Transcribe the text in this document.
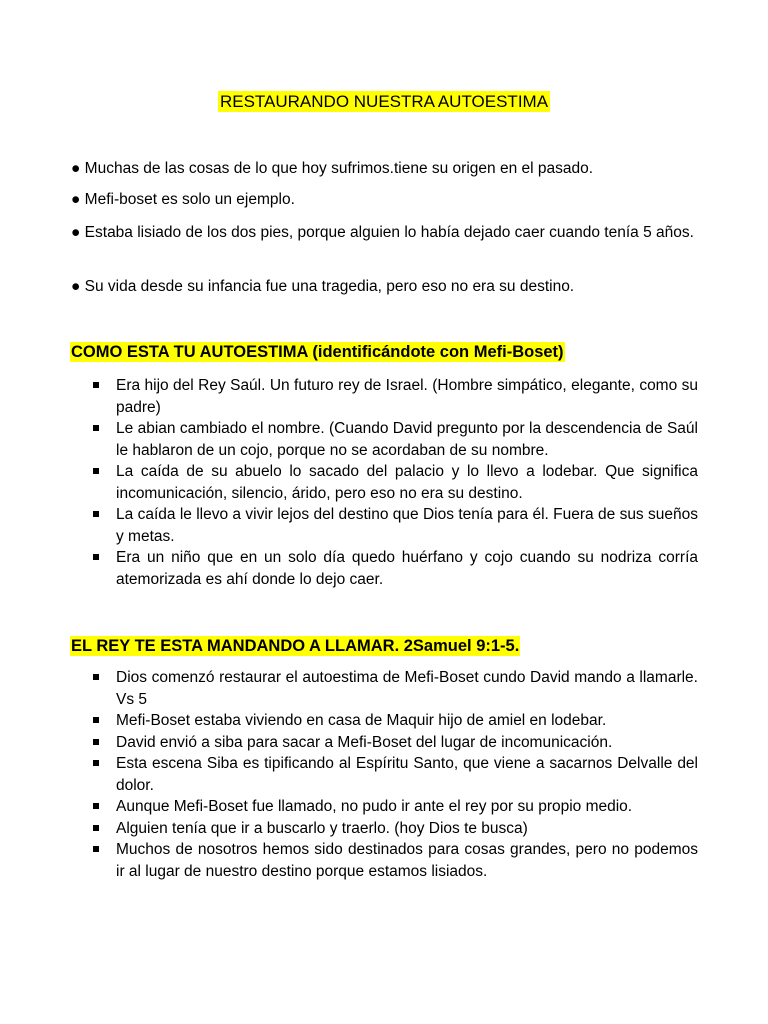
RESTAURANDO NUESTRA AUTOESTIMA

● Muchas de las cosas de lo que hoy sufrimos.tiene su origen en el pasado.

● Mefi-boset es solo un ejemplo.

● Estaba lisiado de los dos pies, porque alguien lo había dejado caer cuando tenía 5 años.

● Su vida desde su infancia fue una tragedia, pero eso no era su destino.

COMO ESTA TU AUTOESTIMA (identificándote con Mefi-Boset)
Era hijo del Rey Saúl. Un futuro rey de Israel. (Hombre simpático, elegante, como su padre)
Le abian cambiado el nombre. (Cuando David pregunto por la descendencia de Saúl le hablaron de un cojo, porque no se acordaban de su nombre.
La caída de su abuelo lo sacado del palacio y lo llevo a lodebar. Que significa incomunicación, silencio, árido, pero eso no era su destino.
La caída le llevo a vivir lejos del destino que Dios tenía para él. Fuera de sus sueños y metas.
Era un niño que en un solo día quedo huérfano y cojo cuando su nodriza corría atemorizada es ahí donde lo dejo caer.
EL REY TE ESTA MANDANDO A LLAMAR. 2Samuel 9:1-5.
Dios comenzó restaurar el autoestima de Mefi-Boset cundo David mando a llamarle. Vs 5
Mefi-Boset estaba viviendo en casa de Maquir hijo de amiel en lodebar.
David envió a siba para sacar a Mefi-Boset del lugar de incomunicación.
Esta escena Siba es tipificando al Espíritu Santo, que viene a sacarnos Delvalle del dolor.
Aunque Mefi-Boset fue llamado, no pudo ir ante el rey por su propio medio.
Alguien tenía que ir a buscarlo y traerlo. (hoy Dios te busca)
Muchos de nosotros hemos sido destinados para cosas grandes, pero no podemos ir al lugar de nuestro destino porque estamos lisiados.
